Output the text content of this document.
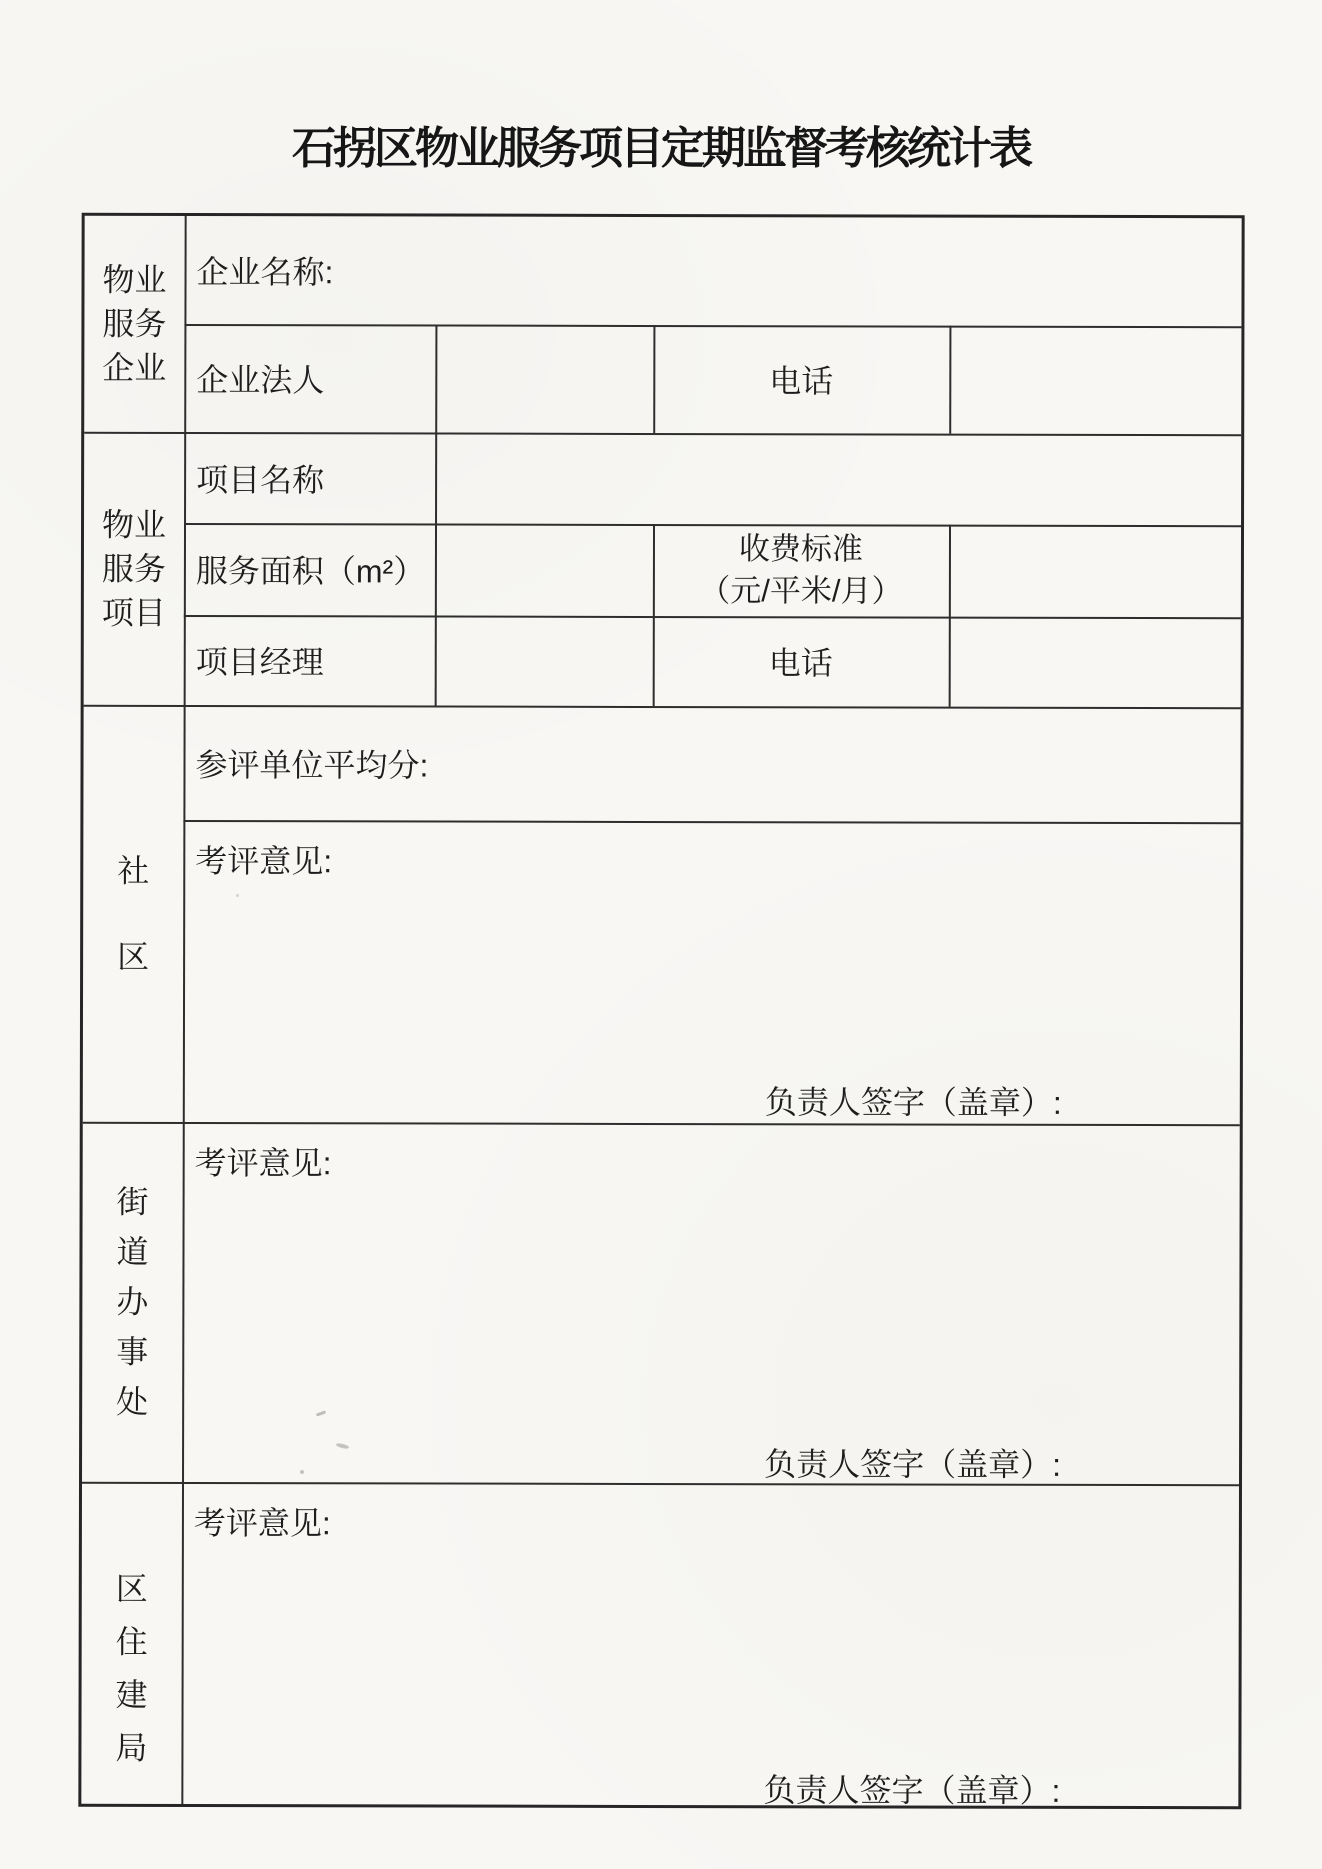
石拐区物业服务项目定期监督考核统计表
物业
服务
企业
物业
服务
项目
社
区
街
道
办
事
处
区
住
建
局
企业名称:
企业法人	电话
项目名称
服务面积（m²）
收费标准
（元/平米/月）
项目经理	电话
参评单位平均分:
考评意见:
负责人签字（盖章）:
考评意见:
负责人签字（盖章）:
考评意见:
负责人签字（盖章）:
